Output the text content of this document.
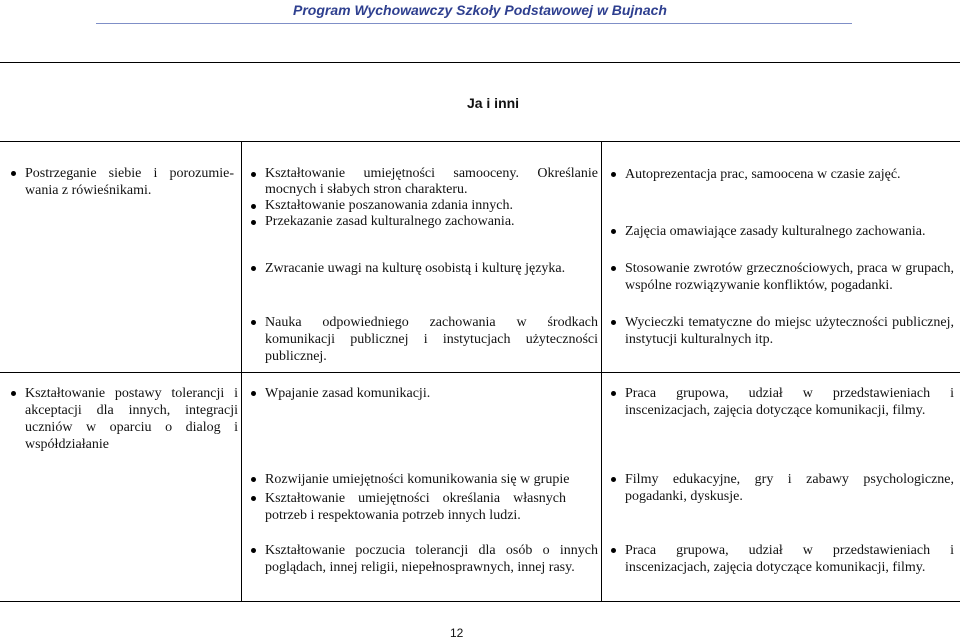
Program Wychowawczy Szkoły Podstawowej w Bujnach
Ja i inni
Postrzeganie siebie i porozumie-wania z rówieśnikami.
Kształtowanie umiejętności samooceny. Określanie mocnych i słabych stron charakteru.
Kształtowanie poszanowania zdania innych.
Przekazanie zasad kulturalnego zachowania.
Zwracanie uwagi na kulturę osobistą i kulturę języka.
Nauka odpowiedniego zachowania w środkach komunikacji publicznej i instytucjach użyteczności publicznej.
Autoprezentacja prac, samoocena w czasie zajęć.
Zajęcia omawiające zasady kulturalnego zachowania.
Stosowanie zwrotów grzecznościowych, praca w grupach, wspólne rozwiązywanie konfliktów, pogadanki.
Wycieczki tematyczne do miejsc użyteczności publicznej, instytucji kulturalnych itp.
Kształtowanie postawy tolerancji i akceptacji dla innych, integracji uczniów w oparciu o dialog i współdziałanie
Wpajanie zasad komunikacji.	Praca grupowa, udział w przedstawieniach i inscenizacjach, zajęcia dotyczące komunikacji, filmy.
Rozwijanie umiejętności komunikowania się w grupie
Kształtowanie umiejętności określania własnych potrzeb i respektowania potrzeb innych ludzi.
Filmy edukacyjne, gry i zabawy psychologiczne, pogadanki, dyskusje.
Kształtowanie poczucia tolerancji dla osób o innych poglądach, innej religii, niepełnosprawnych, innej rasy.
Praca grupowa, udział w przedstawieniach i inscenizacjach, zajęcia dotyczące komunikacji, filmy.
12
